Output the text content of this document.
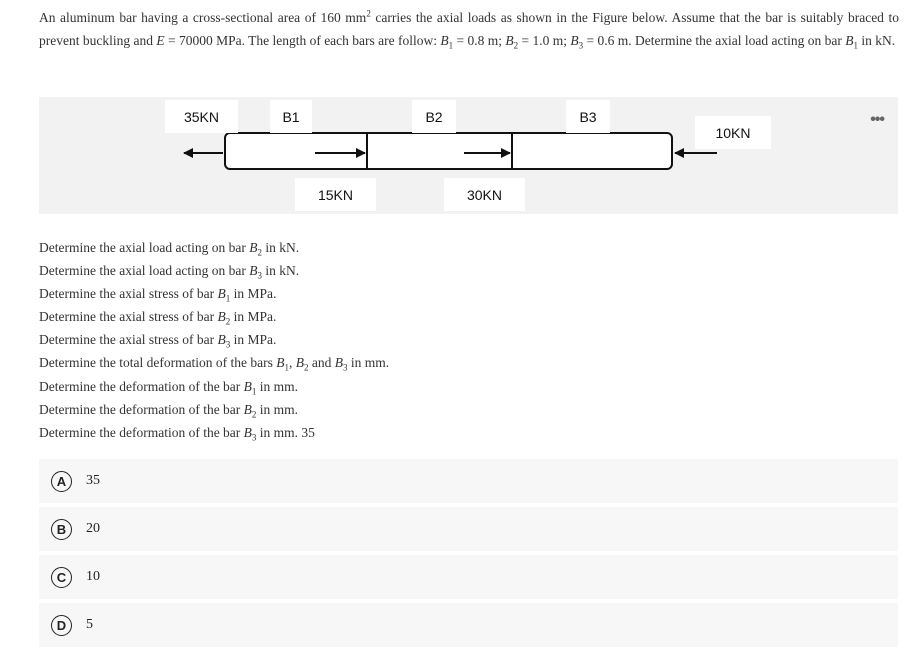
An aluminum bar having a cross-sectional area of 160 $mm^2$ carries the axial loads as shown in the Figure below. Assume that the bar is suitably braced to prevent buckling and E = 70000 MPa. The length of each bars are follow: $B_1 = 0.8$ m; $B_2 = 1.0$ m; $B_3 = 0.6$ m. Determine the axial load acting on bar $B_1$ in kN.

35KN	B1	B2	B3
10KN
15KN	30KN
•••
Determine the axial load acting on bar $B_2$ in kN.
Determine the axial load acting on bar $B_3$ in kN.
Determine the axial stress of bar $B_1$ in MPa.
Determine the axial stress of bar $B_2$ in MPa.
Determine the axial stress of bar $B_3$ in MPa.
Determine the total deformation of the bars $B_1$, $B_2$ and $B_3$ in mm.
Determine the deformation of the bar $B_1$ in mm.
Determine the deformation of the bar $B_2$ in mm.
Determine the deformation of the bar $B_3$ in mm. 35
A	35
B	20
C	10
D	5
